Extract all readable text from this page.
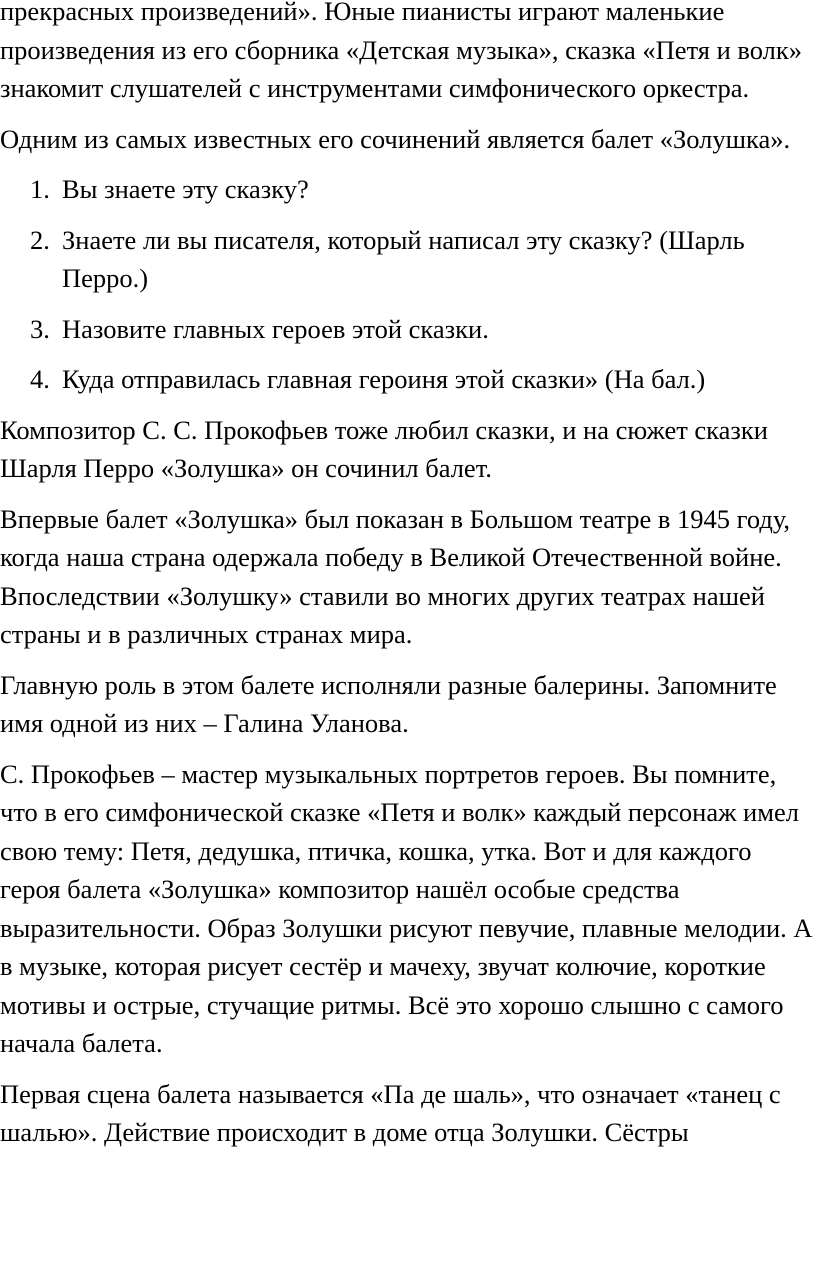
прекрасных произведений». Юные пианисты играют маленькие произведения из его сборника «Детская музыка», сказка «Петя и волк» знакомит слушателей с инструментами симфонического оркестра.

Одним из самых известных его сочинений является балет «Золушка».

1. Вы знаете эту сказку?
2. Знаете ли вы писателя, который написал эту сказку? (Шарль Перро.)
3. Назовите главных героев этой сказки.
4. Куда отправилась главная героиня этой сказки» (На бал.)

Композитор С. С. Прокофьев тоже любил сказки, и на сюжет сказки Шарля Перро «Золушка» он сочинил балет.

Впервые балет «Золушка» был показан в Большом театре в 1945 году, когда наша страна одержала победу в Великой Отечественной войне. Впоследствии «Золушку» ставили во многих других театрах нашей страны и в различных странах мира.

Главную роль в этом балете исполняли разные балерины. Запомните имя одной из них – Галина Уланова.

С. Прокофьев – мастер музыкальных портретов героев. Вы помните, что в его симфонической сказке «Петя и волк» каждый персонаж имел свою тему: Петя, дедушка, птичка, кошка, утка. Вот и для каждого героя балета «Золушка» композитор нашёл особые средства выразительности. Образ Золушки рисуют певучие, плавные мелодии. А в музыке, которая рисует сестёр и мачеху, звучат колючие, короткие мотивы и острые, стучащие ритмы. Всё это хорошо слышно с самого начала балета.

Первая сцена балета называется «Па де шаль», что означает «танец с шалью». Действие происходит в доме отца Золушки. Сёстры
